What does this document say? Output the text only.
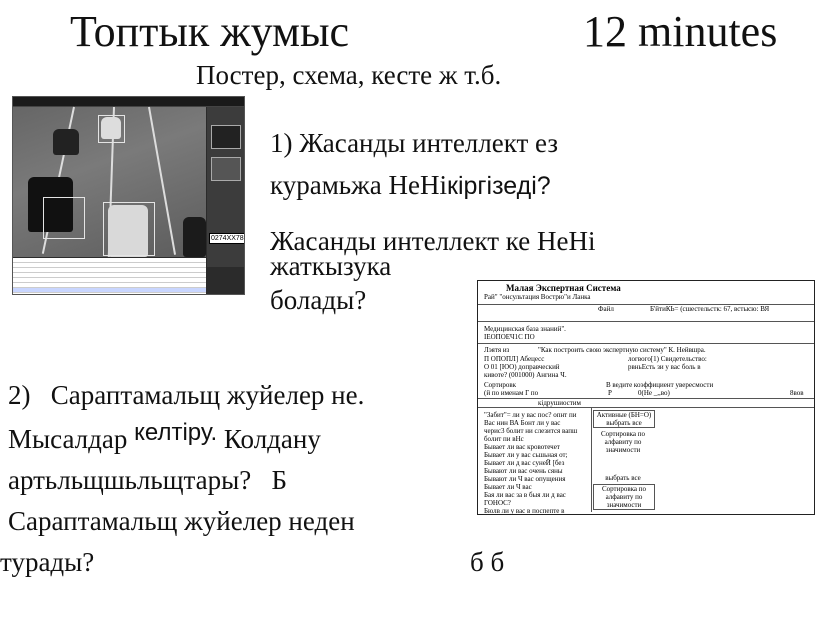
Топтык жумыс	12 minutes
Постер, схема, кесте ж т.б.
0274XX78
1) Жасанды интеллект ез
курамьжа НеНікіргізеді?
Жасанды интеллект ке НеНі
жаткызука
болады?
2) Сараптамальщ жуйелер не.
Мысалдар келтіру. Колдану
артьльщшьльщтары?   Б
Сараптамальщ жуйелер неден
турады?	б б
Малая Экспертная Система
Рай" "онсультация Вострю"и Ланка
Файл	Б'йтиКЬ= (сшестельстк: 67, встысю: ВЯ
Медицинская база знаний".
ІЕОПОЕЧ1С ПО
Лэятя из	"Как построить свою экспертную систему" К. Нейвшра.
П ОПОПЛ] Абецесс	логвого[1) Свидетельство:
О 01 [ЮО) доправческий	рвньЕсть зи у вас боль в
кивоте? (001000) Ангина Ч.
Сортировк	В ведите коэффициент увересмости
(й по именам Г по	Р	0(Не _,,во)	8вов
кідрушиостим
"Забит"= ли у вас пос? опнт пи
Вас нин ВА Бонт ли у вас
черис3 болит ни слезится вапш
болит пи вНс
Бывает ли вас кровотечет
Бывает ли у вас сьшьная от;
Бывает ли д вас сунеЙ [без
Бывают ли вас очень сяны
Бывают ли Ч вас опущения
Бывает ли Ч вас
Бая ли вас за в быя ли д вас
ГОНОС?
Бюлв ли у вас в поспепте в
Активные (БН=О)
выбрать все
Сортировка по
алфавиту по
значимости
выбрать все
Сортировка по
алфавиту по
значимости
